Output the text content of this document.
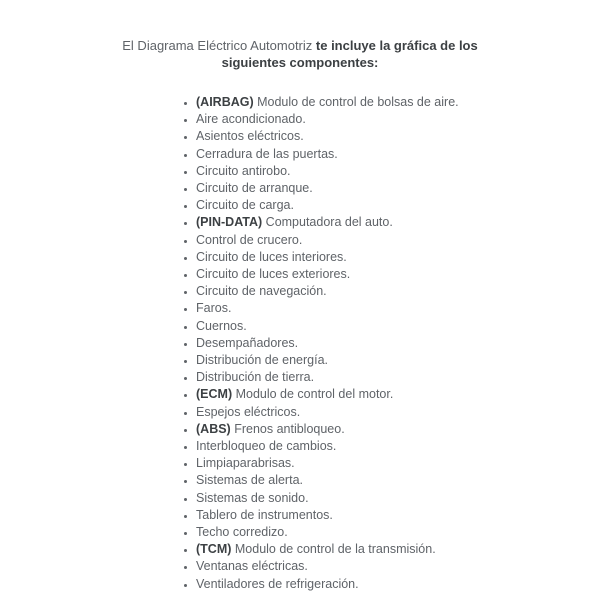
El Diagrama Eléctrico Automotriz te incluye la gráfica de los siguientes componentes:

• (AIRBAG) Modulo de control de bolsas de aire.
• Aire acondicionado.
• Asientos eléctricos.
• Cerradura de las puertas.
• Circuito antirobo.
• Circuito de arranque.
• Circuito de carga.
• (PIN-DATA) Computadora del auto.
• Control de crucero.
• Circuito de luces interiores.
• Circuito de luces exteriores.
• Circuito de navegación.
• Faros.
• Cuernos.
• Desempañadores.
• Distribución de energía.
• Distribución de tierra.
• (ECM) Modulo de control del motor.
• Espejos eléctricos.
• (ABS) Frenos antibloqueo.
• Interbloqueo de cambios.
• Limpiaparabrisas.
• Sistemas de alerta.
• Sistemas de sonido.
• Tablero de instrumentos.
• Techo corredizo.
• (TCM) Modulo de control de la transmisión.
• Ventanas eléctricas.
• Ventiladores de refrigeración.
